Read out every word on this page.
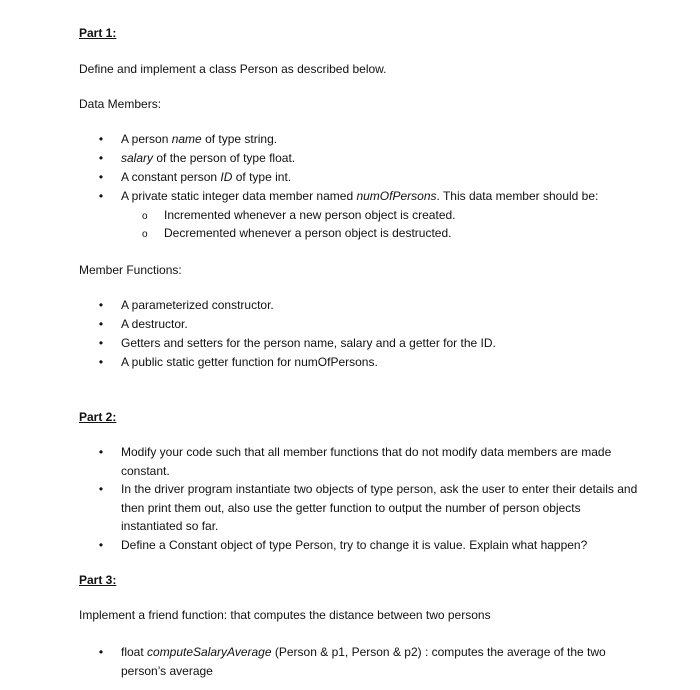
Part 1:
Define and implement a class Person as described below.
Data Members:
• A person name of type string.
• salary of the person of type float.
• A constant person ID of type int.
• A private static integer data member named numOfPersons. This data member should be:
o Incremented whenever a new person object is created.
o Decremented whenever a person object is destructed.
Member Functions:
• A parameterized constructor.
• A destructor.
• Getters and setters for the person name, salary and a getter for the ID.
• A public static getter function for numOfPersons.
Part 2:
• Modify your code such that all member functions that do not modify data members are made constant.
• In the driver program instantiate two objects of type person, ask the user to enter their details and then print them out, also use the getter function to output the number of person objects instantiated so far.
• Define a Constant object of type Person, try to change it is value. Explain what happen?
Part 3:
Implement a friend function: that computes the distance between two persons
• float computeSalaryAverage (Person & p1, Person & p2) : computes the average of the two person’s average
